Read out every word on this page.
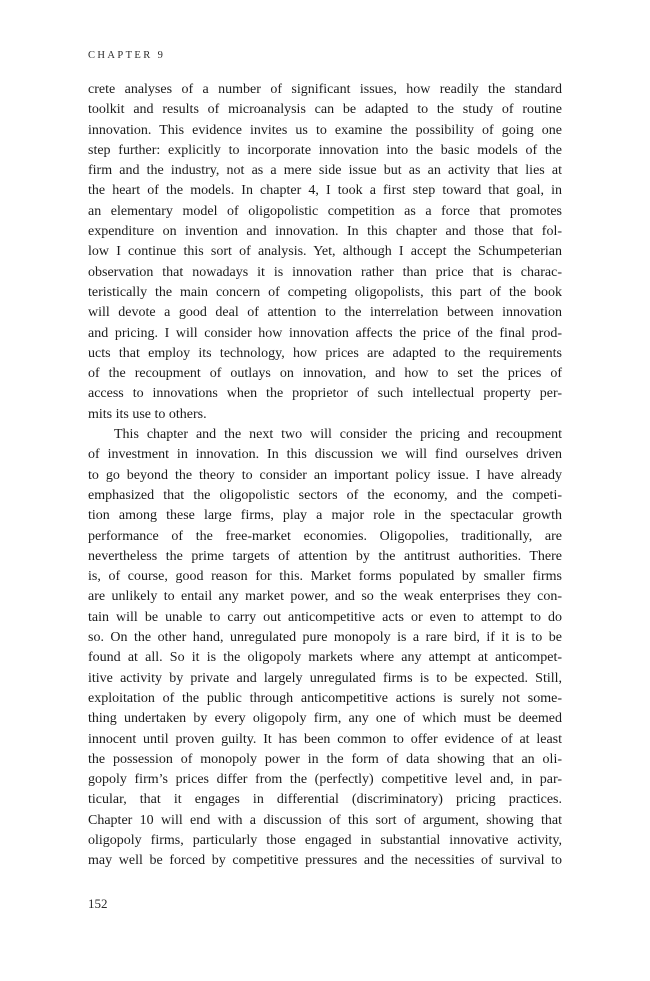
CHAPTER 9
crete analyses of a number of significant issues, how readily the standard
toolkit and results of microanalysis can be adapted to the study of routine
innovation. This evidence invites us to examine the possibility of going one
step further: explicitly to incorporate innovation into the basic models of the
firm and the industry, not as a mere side issue but as an activity that lies at
the heart of the models. In chapter 4, I took a first step toward that goal, in
an elementary model of oligopolistic competition as a force that promotes
expenditure on invention and innovation. In this chapter and those that fol-
low I continue this sort of analysis. Yet, although I accept the Schumpeterian
observation that nowadays it is innovation rather than price that is charac-
teristically the main concern of competing oligopolists, this part of the book
will devote a good deal of attention to the interrelation between innovation
and pricing. I will consider how innovation affects the price of the final prod-
ucts that employ its technology, how prices are adapted to the requirements
of the recoupment of outlays on innovation, and how to set the prices of
access to innovations when the proprietor of such intellectual property per-
mits its use to others.
This chapter and the next two will consider the pricing and recoupment
of investment in innovation. In this discussion we will find ourselves driven
to go beyond the theory to consider an important policy issue. I have already
emphasized that the oligopolistic sectors of the economy, and the competi-
tion among these large firms, play a major role in the spectacular growth
performance of the free-market economies. Oligopolies, traditionally, are
nevertheless the prime targets of attention by the antitrust authorities. There
is, of course, good reason for this. Market forms populated by smaller firms
are unlikely to entail any market power, and so the weak enterprises they con-
tain will be unable to carry out anticompetitive acts or even to attempt to do
so. On the other hand, unregulated pure monopoly is a rare bird, if it is to be
found at all. So it is the oligopoly markets where any attempt at anticompet-
itive activity by private and largely unregulated firms is to be expected. Still,
exploitation of the public through anticompetitive actions is surely not some-
thing undertaken by every oligopoly firm, any one of which must be deemed
innocent until proven guilty. It has been common to offer evidence of at least
the possession of monopoly power in the form of data showing that an oli-
gopoly firm’s prices differ from the (perfectly) competitive level and, in par-
ticular, that it engages in differential (discriminatory) pricing practices.
Chapter 10 will end with a discussion of this sort of argument, showing that
oligopoly firms, particularly those engaged in substantial innovative activity,
may well be forced by competitive pressures and the necessities of survival to
152
